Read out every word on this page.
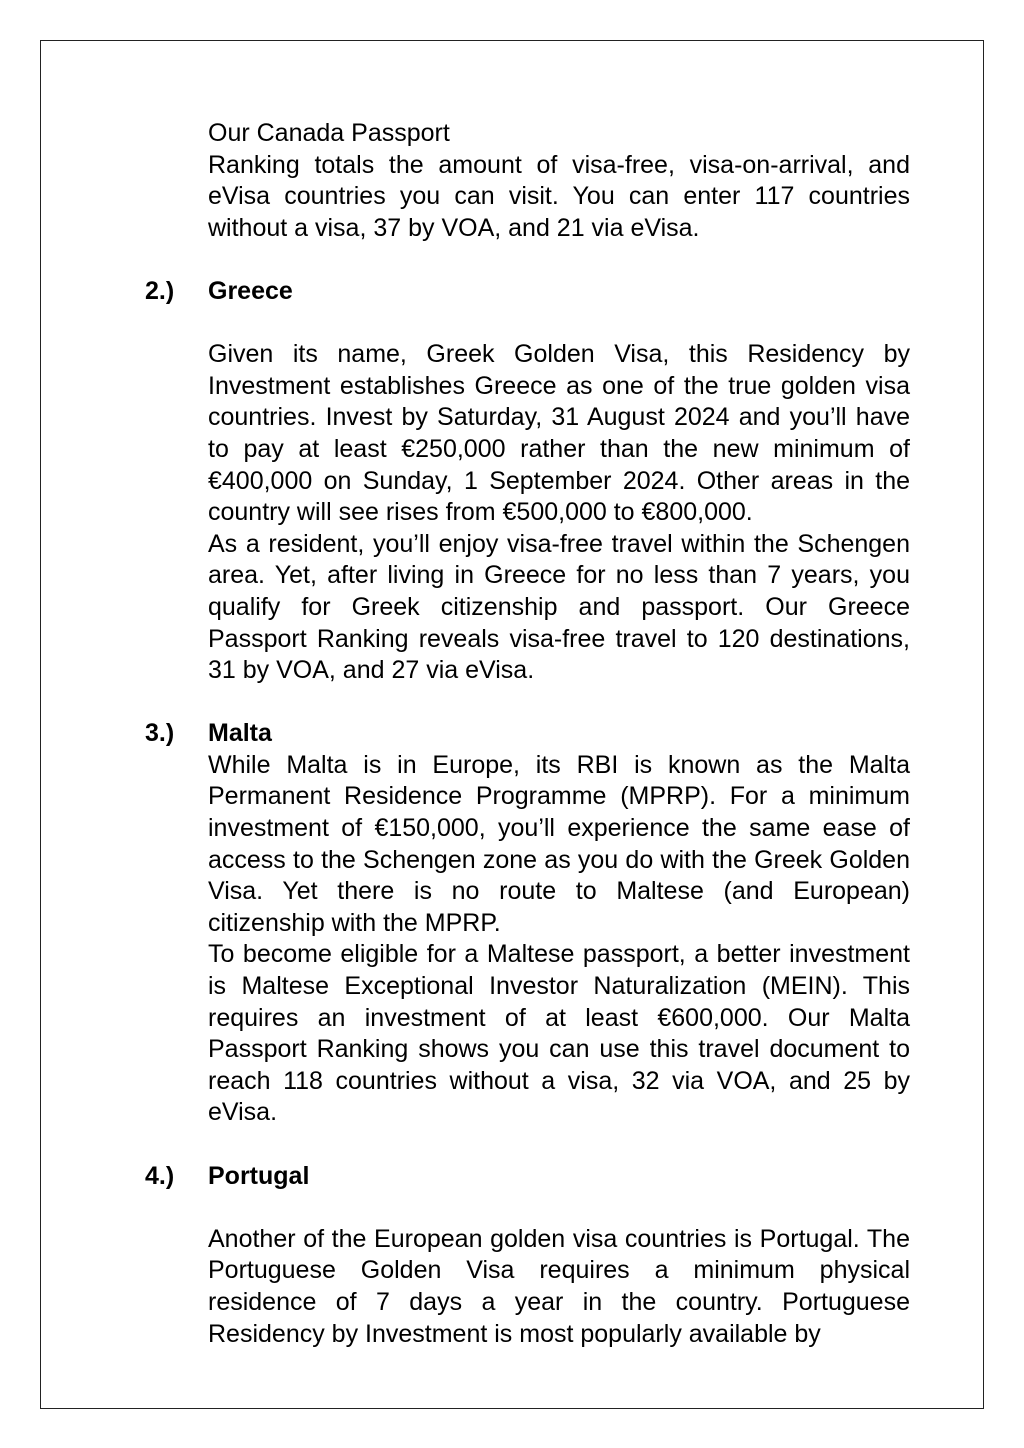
Our Canada Passport

Ranking totals the amount of visa-free, visa-on-arrival, and eVisa countries you can visit. You can enter 117 countries without a visa, 37 by VOA, and 21 via eVisa.

2.) Greece

Given its name, Greek Golden Visa, this Residency by Investment establishes Greece as one of the true golden visa countries. Invest by Saturday, 31 August 2024 and you’ll have to pay at least €250,000 rather than the new minimum of €400,000 on Sunday, 1 September 2024. Other areas in the country will see rises from €500,000 to €800,000.

As a resident, you’ll enjoy visa-free travel within the Schengen area. Yet, after living in Greece for no less than 7 years, you qualify for Greek citizenship and passport. Our Greece Passport Ranking reveals visa-free travel to 120 destinations, 31 by VOA, and 27 via eVisa.

3.) Malta

While Malta is in Europe, its RBI is known as the Malta Permanent Residence Programme (MPRP). For a minimum investment of €150,000, you’ll experience the same ease of access to the Schengen zone as you do with the Greek Golden Visa. Yet there is no route to Maltese (and European) citizenship with the MPRP.

To become eligible for a Maltese passport, a better investment is Maltese Exceptional Investor Naturalization (MEIN). This requires an investment of at least €600,000. Our Malta Passport Ranking shows you can use this travel document to reach 118 countries without a visa, 32 via VOA, and 25 by eVisa.

4.) Portugal

Another of the European golden visa countries is Portugal. The Portuguese Golden Visa requires a minimum physical residence of 7 days a year in the country. Portuguese Residency by Investment is most popularly available by
